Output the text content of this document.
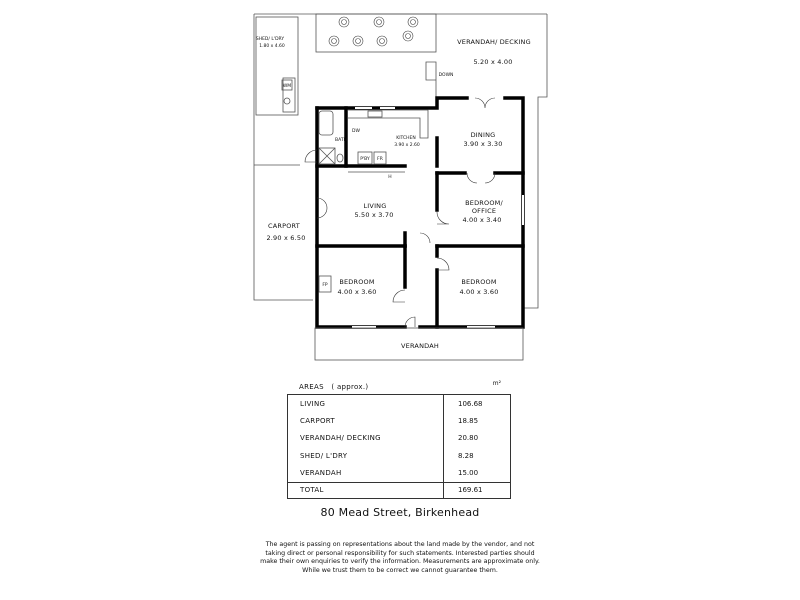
SHED/ L'DRY
1.80 x 4.60
WM
DOWN
VERANDAH/ DECKING
5.20 x 4.00
CARPORT
2.90 x 6.50
DW
P'BY FR
H
KITCHEN
3.90 x 2.60
BATH
FP
DINING
3.90 x 3.30
LIVING
5.50 x 3.70
BEDROOM/
OFFICE
4.00 x 3.40
BEDROOM
4.00 x 3.60
BEDROOM
4.00 x 3.60
VERANDAH
AREAS ( approx.)	m²
LIVING	106.68
CARPORT	18.85
VERANDAH/ DECKING	20.80
SHED/ L'DRY	8.28
VERANDAH	15.00
TOTAL	169.61
80 Mead Street, Birkenhead
The agent is passing on representations about the land made by the vendor, and not
taking direct or personal responsibility for such statements. Interested parties should
make their own enquiries to verify the information. Measurements are approximate only.
While we trust them to be correct we cannot guarantee them.
